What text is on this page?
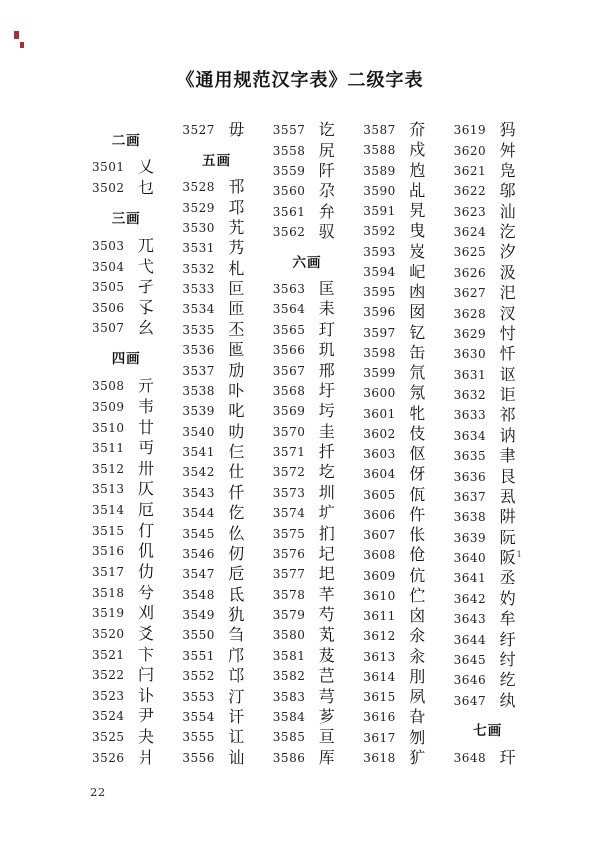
《通用规范汉字表》二级字表
二画
3501 乂
3502 乜
三画
3503 兀
3504 弋
3505 孑
3506 孓
3507 幺
四画
3508 亓
3509 韦
3510 廿
3511 丏
3512 卅
3513 仄
3514 厄
3515 仃
3516 仉
3517 仂
3518 兮
3519 刈
3520 爻
3521 卞
3522 闩
3523 讣
3524 尹
3525 夬
3526 爿
3527 毋
五画
3528 邗
3529 邛
3530 艽
3531 艿
3532 札
3533 叵
3534 匝
3535 丕
3536 匜
3537 劢
3538 卟
3539 叱
3540 叻
3541 仨
3542 仕
3543 仟
3544 仡
3545 仫
3546 仞
3547 卮
3548 氐
3549 犰
3550 刍
3551 邝
3552 邙
3553 汀
3554 讦
3555 讧
3556 讪
3557 讫
3558 尻
3559 阡
3560 尕
3561 弁
3562 驭
六画
3563 匡
3564 耒
3565 玎
3566 玑
3567 邢
3568 圩
3569 圬
3570 圭
3571 扦
3572 圪
3573 圳
3574 圹
3575 扪
3576 圮
3577 圯
3578 芊
3579 芍
3580 芄
3581 芨
3582 芑
3583 芎
3584 芗
3585 亘
3586 厍
3587 夼
3588 戍
3589 尥
3590 乩
3591 旯
3592 曳
3593 岌
3594 屺
3595 凼
3596 囡
3597 钇
3598 缶
3599 氘
3600 氖
3601 牝
3602 伎
3603 伛
3604 伢
3605 佤
3606 仵
3607 伥
3608 伧
3609 伉
3610 伫
3611 囟
3612 氽
3613 汆
3614 刖
3615 夙
3616 旮
3617 刎
3618 犷
3619 犸
3620 舛
3621 凫
3622 邬
3623 汕
3624 汔
3625 汐
3626 汲
3627 汜
3628 汊
3629 忖
3630 忏
3631 讴
3632 讵
3633 祁
3634 讷
3635 聿
3636 艮
3637 厾
3638 阱
3639 阮
3640 阪$^1$
3641 丞
3642 妁
3643 牟
3644 纡
3645 纣
3646 纥
3647 纨
七画
3648 玕
22
